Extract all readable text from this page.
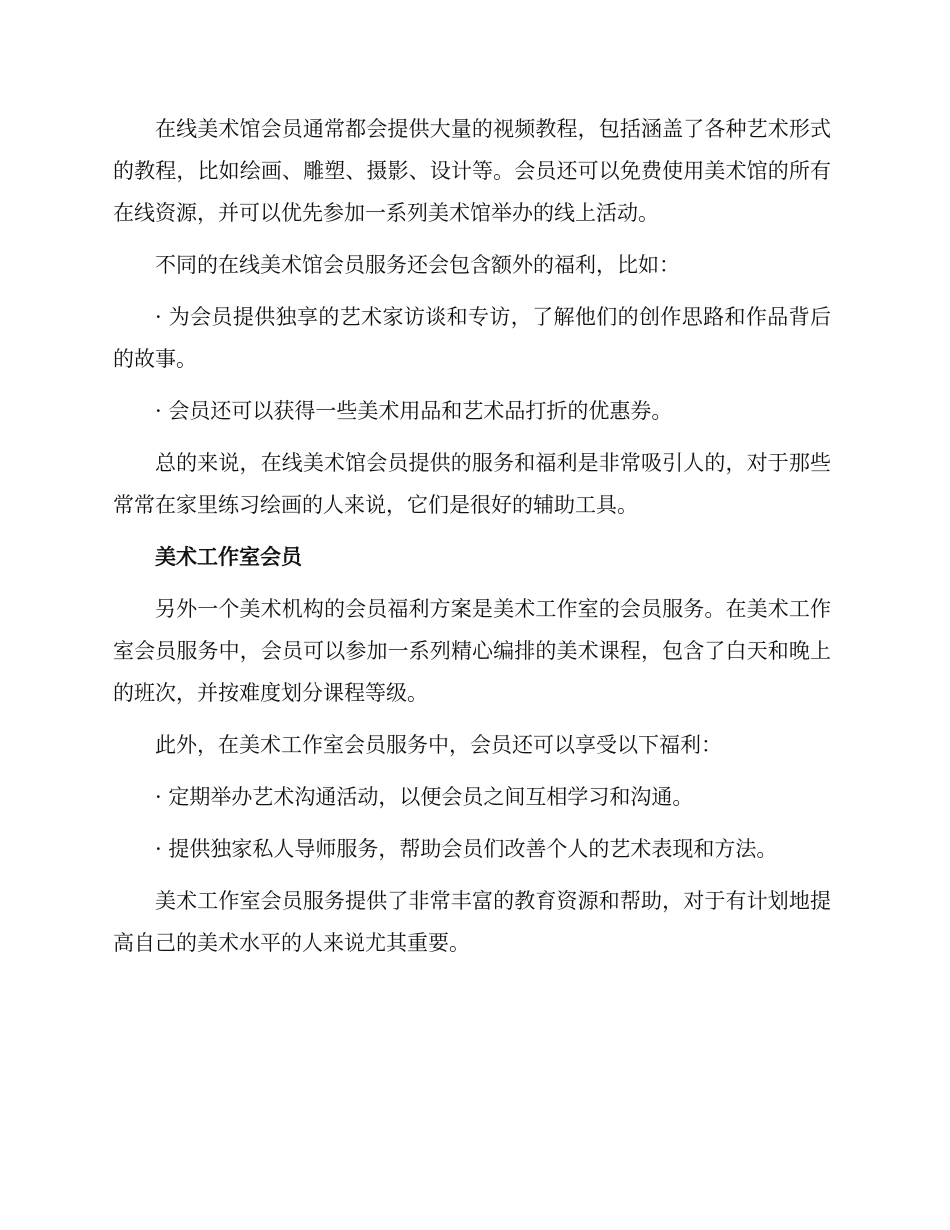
在线美术馆会员通常都会提供大量的视频教程，包括涵盖了各种艺术形式的教程，比如绘画、雕塑、摄影、设计等。会员还可以免费使用美术馆的所有在线资源，并可以优先参加一系列美术馆举办的线上活动。

不同的在线美术馆会员服务还会包含额外的福利，比如：

· 为会员提供独享的艺术家访谈和专访，了解他们的创作思路和作品背后的故事。

· 会员还可以获得一些美术用品和艺术品打折的优惠券。

总的来说，在线美术馆会员提供的服务和福利是非常吸引人的，对于那些常常在家里练习绘画的人来说，它们是很好的辅助工具。

美术工作室会员

另外一个美术机构的会员福利方案是美术工作室的会员服务。在美术工作室会员服务中，会员可以参加一系列精心编排的美术课程，包含了白天和晚上的班次，并按难度划分课程等级。

此外，在美术工作室会员服务中，会员还可以享受以下福利：

· 定期举办艺术沟通活动，以便会员之间互相学习和沟通。

· 提供独家私人导师服务，帮助会员们改善个人的艺术表现和方法。

美术工作室会员服务提供了非常丰富的教育资源和帮助，对于有计划地提高自己的美术水平的人来说尤其重要。
